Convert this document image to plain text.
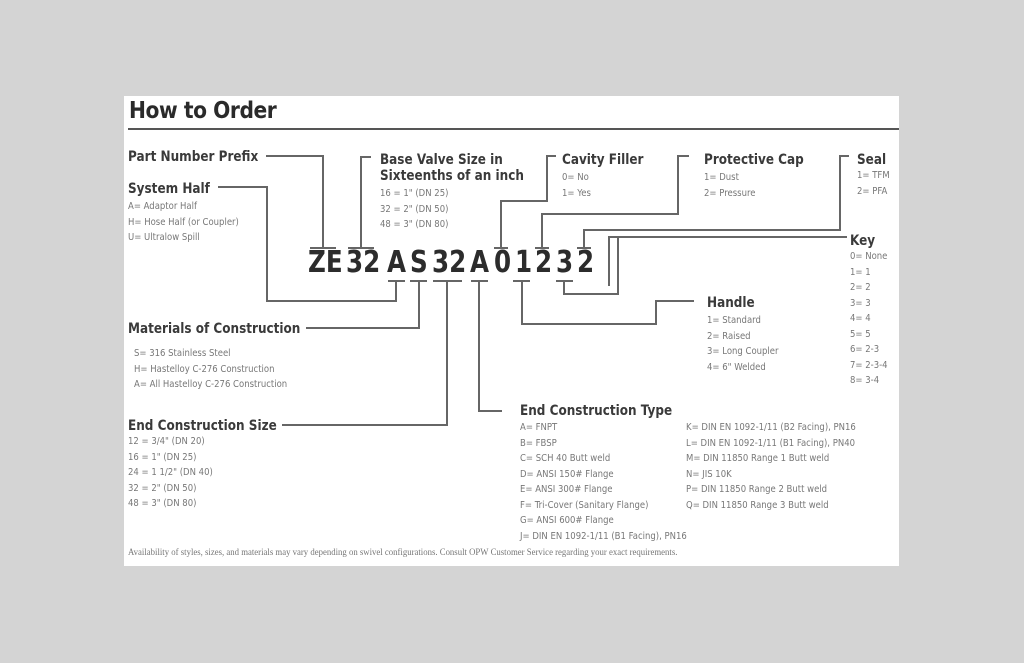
How to Order
Part Number Prefix
System Half
A= Adaptor Half
H= Hose Half (or Coupler)
U= Ultralow Spill
Base Valve Size in
Sixteenths of an inch
16 = 1" (DN 25)
32 = 2" (DN 50)
48 = 3" (DN 80)
Cavity Filler
0= No
1= Yes
Protective Cap
1= Dust
2= Pressure
Seal
1= TFM
2= PFA
Key
0= None
1= 1
2= 2
3= 3
4= 4
5= 5
6= 2-3
7= 2-3-4
8= 3-4
ZE 32 A S 32 A 0 1 2 3 2
Handle
1= Standard
2= Raised
3= Long Coupler
4= 6" Welded
Materials of Construction
S= 316 Stainless Steel
H= Hastelloy C-276 Construction
A= All Hastelloy C-276 Construction
End Construction Size
12 = 3/4" (DN 20)
16 = 1" (DN 25)
24 = 1 1/2" (DN 40)
32 = 2" (DN 50)
48 = 3" (DN 80)
End Construction Type
A= FNPT
B= FBSP
C= SCH 40 Butt weld
D= ANSI 150# Flange
E= ANSI 300# Flange
F= Tri-Cover (Sanitary Flange)
G= ANSI 600# Flange
J= DIN EN 1092-1/11 (B1 Facing), PN16
K= DIN EN 1092-1/11 (B2 Facing), PN16
L= DIN EN 1092-1/11 (B1 Facing), PN40
M= DIN 11850 Range 1 Butt weld
N= JIS 10K
P= DIN 11850 Range 2 Butt weld
Q= DIN 11850 Range 3 Butt weld
Availability of styles, sizes, and materials may vary depending on swivel configurations. Consult OPW Customer Service regarding your exact requirements.
